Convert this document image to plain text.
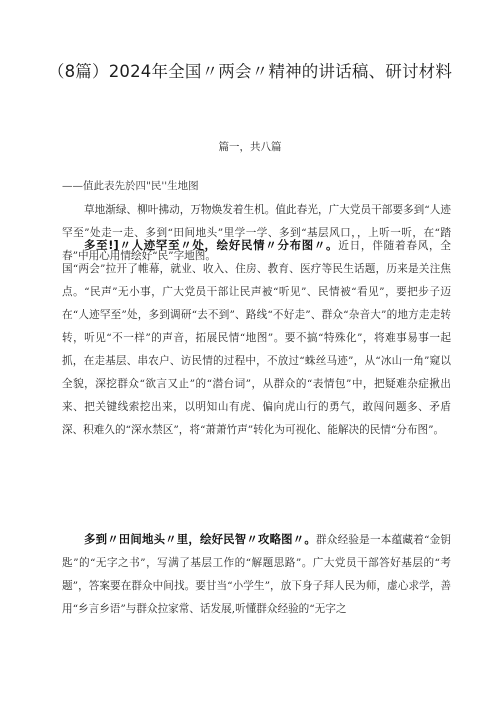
（8篇）2024年全国〃两会〃精神的讲话稿、研讨材料
篇一，共八篇
——值此表先於四"民''生地图

草地渐绿、柳叶拂动，万物焕发着生机。值此春光，广大党员干部要多到“人迹罕至”处走一走、多到“田间地头”里学一学、多到“基层风口，，上听一听，在“踏春”中用心用情绘好“民”字地图。

多至!]〃人迹罕至〃处，绘好民情〃分布图〃。近日，伴随着春风，全国“两会”拉开了帷幕，就业、收入、住房、教育、医疗等民生话题，历来是关注焦点。“民声”无小事，广大党员干部让民声被“听见”、民情被“看见”，要把步子迈在“人迹罕至”处，多到调研“去不到”、路线“不好走”、群众“杂音大”的地方走走转转，听见“不一样”的声音，拓展民情“地图”。要不搞“特殊化”，将难事易事一起抓，在走基层、串农户、访民情的过程中，不放过“蛛丝马迹”，从“冰山一角”窥以全貌，深挖群众“欲言又止”的“潜台词”，从群众的“表情包”中，把疑难杂症揪出来、把关键线索挖出来，以明知山有虎、偏向虎山行的勇气，敢闯问题多、矛盾深、积难久的“深水禁区”，将“萧萧竹声”转化为可视化、能解决的民情“分布图”。

多到〃田间地头〃里，绘好民智〃攻略图〃。群众经验是一本蕴藏着“金钥匙”的“无字之书”，写满了基层工作的“解题思路”。广大党员干部答好基层的“考题”，答案要在群众中间找。要甘当“小学生”，放下身子拜人民为师，虚心求学，善用“乡言乡语”与群众拉家常、话发展,听懂群众经验的“无字之
